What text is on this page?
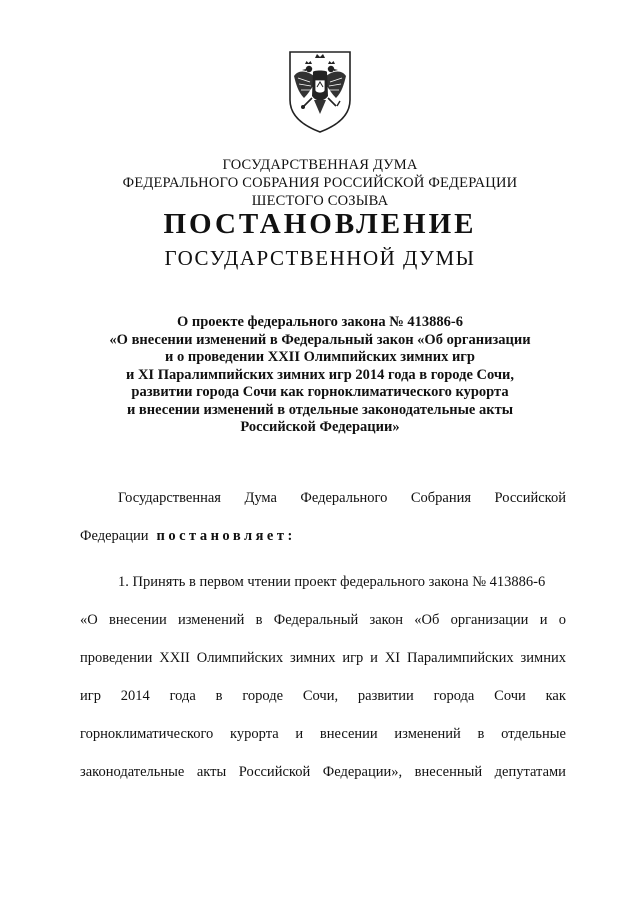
ГОСУДАРСТВЕННАЯ ДУМА
ФЕДЕРАЛЬНОГО СОБРАНИЯ РОССИЙСКОЙ ФЕДЕРАЦИИ
ШЕСТОГО СОЗЫВА
ПОСТАНОВЛЕНИЕ
ГОСУДАРСТВЕННОЙ ДУМЫ
О проекте федерального закона № 413886-6
«О внесении изменений в Федеральный закон «Об организации
и о проведении XXII Олимпийских зимних игр
и XI Паралимпийских зимних игр 2014 года в городе Сочи,
развитии города Сочи как горноклиматического курорта
и внесении изменений в отдельные законодательные акты
Российской Федерации»
Государственная Дума Федерального Собрания Российской
Федерации постановляет:
1. Принять в первом чтении проект федерального закона № 413886-6
«О внесении изменений в Федеральный закон «Об организации и о
проведении XXII Олимпийских зимних игр и XI Паралимпийских зимних
игр 2014 года в городе Сочи, развитии города Сочи как
горноклиматического курорта и внесении изменений в отдельные
законодательные акты Российской Федерации», внесенный депутатами
